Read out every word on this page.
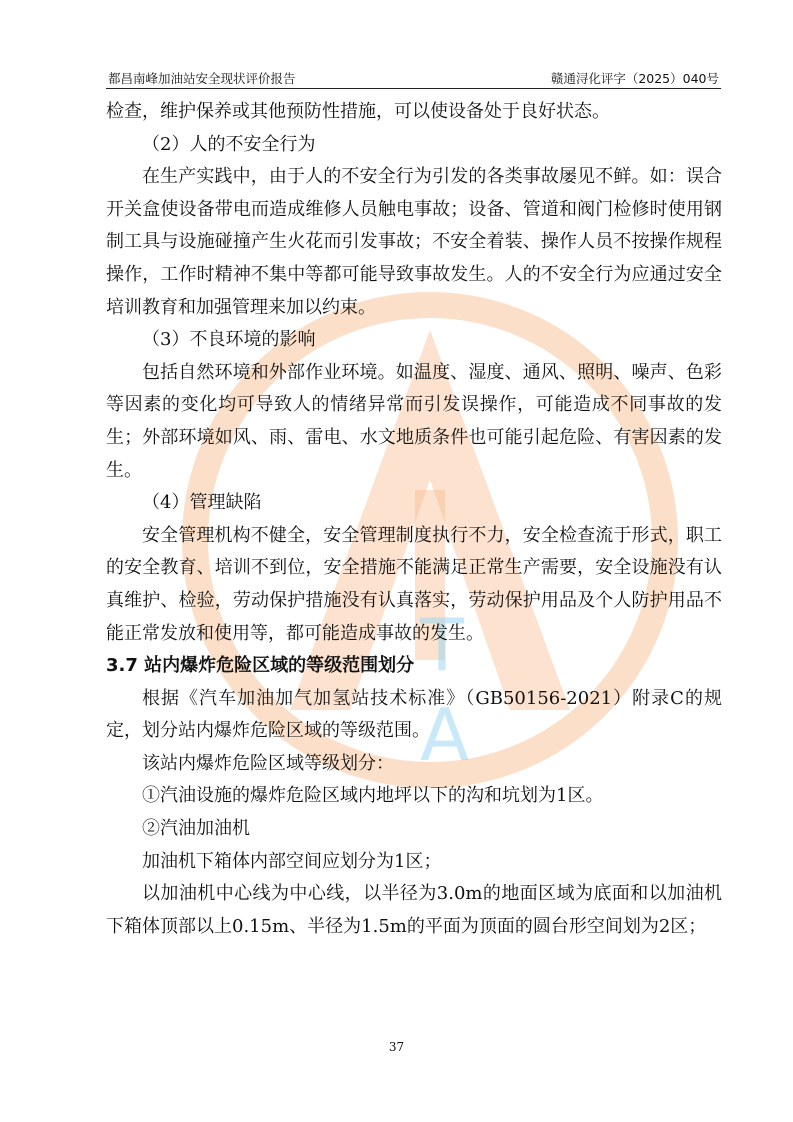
都昌南峰加油站安全现状评价报告	赣通浔化评字（2025）040号
T
A
检查，维护保养或其他预防性措施，可以使设备处于良好状态。
（2）人的不安全行为
在生产实践中，由于人的不安全行为引发的各类事故屡见不鲜。如：误合开关盒使设备带电而造成维修人员触电事故；设备、管道和阀门检修时使用钢制工具与设施碰撞产生火花而引发事故；不安全着装、操作人员不按操作规程操作，工作时精神不集中等都可能导致事故发生。人的不安全行为应通过安全培训教育和加强管理来加以约束。
（3）不良环境的影响
包括自然环境和外部作业环境。如温度、湿度、通风、照明、噪声、色彩等因素的变化均可导致人的情绪异常而引发误操作，可能造成不同事故的发生；外部环境如风、雨、雷电、水文地质条件也可能引起危险、有害因素的发生。
（4）管理缺陷
安全管理机构不健全，安全管理制度执行不力，安全检查流于形式，职工的安全教育、培训不到位，安全措施不能满足正常生产需要，安全设施没有认真维护、检验，劳动保护措施没有认真落实，劳动保护用品及个人防护用品不能正常发放和使用等，都可能造成事故的发生。
3.7 站内爆炸危险区域的等级范围划分
根据《汽车加油加气加氢站技术标准》（GB50156-2021）附录C的规定，划分站内爆炸危险区域的等级范围。
该站内爆炸危险区域等级划分：
①汽油设施的爆炸危险区域内地坪以下的沟和坑划为1区。
②汽油加油机
加油机下箱体内部空间应划分为1区；
以加油机中心线为中心线，以半径为3.0m的地面区域为底面和以加油机下箱体顶部以上0.15m、半径为1.5m的平面为顶面的圆台形空间划为2区；
37
